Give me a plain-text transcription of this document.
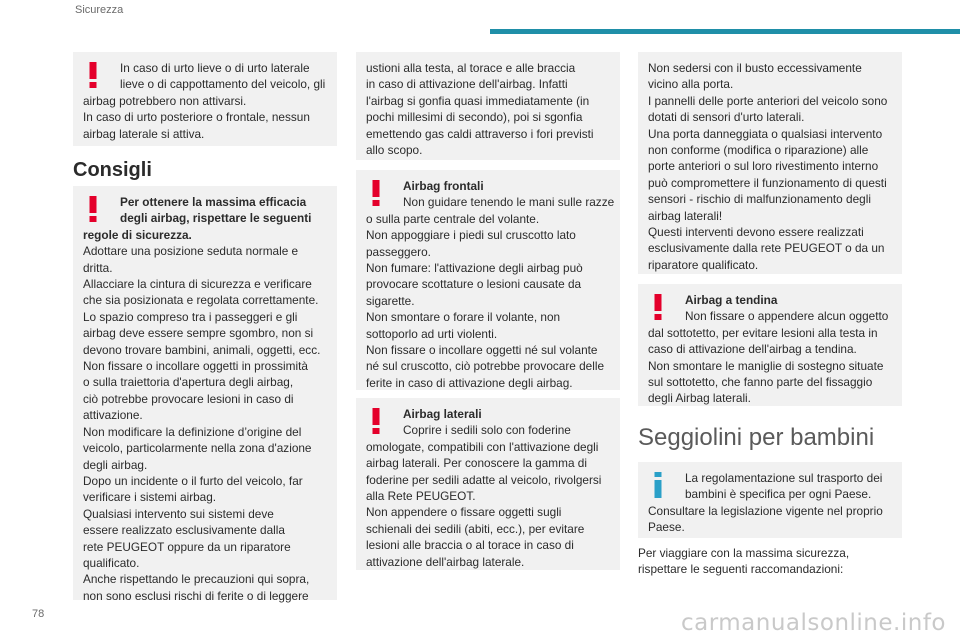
Sicurezza
In caso di urto lieve o di urto laterale
lieve o di cappottamento del veicolo, gli
airbag potrebbero non attivarsi.
In caso di urto posteriore o frontale, nessun
airbag laterale si attiva.
Consigli
Per ottenere la massima efficacia
degli airbag, rispettare le seguenti
regole di sicurezza.
Adottare una posizione seduta normale e
dritta.
Allacciare la cintura di sicurezza e verificare
che sia posizionata e regolata correttamente.
Lo spazio compreso tra i passeggeri e gli
airbag deve essere sempre sgombro, non si
devono trovare bambini, animali, oggetti, ecc.
Non fissare o incollare oggetti in prossimità
o sulla traiettoria d'apertura degli airbag,
ciò potrebbe provocare lesioni in caso di
attivazione.
Non modificare la definizione d’origine del
veicolo, particolarmente nella zona d'azione
degli airbag.
Dopo un incidente o il furto del veicolo, far
verificare i sistemi airbag.
Qualsiasi intervento sui sistemi deve
essere realizzato esclusivamente dalla
rete PEUGEOT oppure da un riparatore
qualificato.
Anche rispettando le precauzioni qui sopra,
non sono esclusi rischi di ferite o di leggere
ustioni alla testa, al torace e alle braccia
in caso di attivazione dell'airbag. Infatti
l'airbag si gonfia quasi immediatamente (in
pochi millesimi di secondo), poi si sgonfia
emettendo gas caldi attraverso i fori previsti
allo scopo.
Airbag frontali
Non guidare tenendo le mani sulle razze
o sulla parte centrale del volante.
Non appoggiare i piedi sul cruscotto lato
passeggero.
Non fumare: l'attivazione degli airbag può
provocare scottature o lesioni causate da
sigarette.
Non smontare o forare il volante, non
sottoporlo ad urti violenti.
Non fissare o incollare oggetti né sul volante
né sul cruscotto, ciò potrebbe provocare delle
ferite in caso di attivazione degli airbag.
Airbag laterali
Coprire i sedili solo con foderine
omologate, compatibili con l'attivazione degli
airbag laterali. Per conoscere la gamma di
foderine per sedili adatte al veicolo, rivolgersi
alla Rete PEUGEOT.
Non appendere o fissare oggetti sugli
schienali dei sedili (abiti, ecc.), per evitare
lesioni alle braccia o al torace in caso di
attivazione dell'airbag laterale.
Non sedersi con il busto eccessivamente
vicino alla porta.
I pannelli delle porte anteriori del veicolo sono
dotati di sensori d'urto laterali.
Una porta danneggiata o qualsiasi intervento
non conforme (modifica o riparazione) alle
porte anteriori o sul loro rivestimento interno
può compromettere il funzionamento di questi
sensori - rischio di malfunzionamento degli
airbag laterali!
Questi interventi devono essere realizzati
esclusivamente dalla rete PEUGEOT o da un
riparatore qualificato.
Airbag a tendina
Non fissare o appendere alcun oggetto
dal sottotetto, per evitare lesioni alla testa in
caso di attivazione dell'airbag a tendina.
Non smontare le maniglie di sostegno situate
sul sottotetto, che fanno parte del fissaggio
degli Airbag laterali.
Seggiolini per bambini
La regolamentazione sul trasporto dei
bambini è specifica per ogni Paese.
Consultare la legislazione vigente nel proprio
Paese.
Per viaggiare con la massima sicurezza,
rispettare le seguenti raccomandazioni:
78	carmanualsonline.info
